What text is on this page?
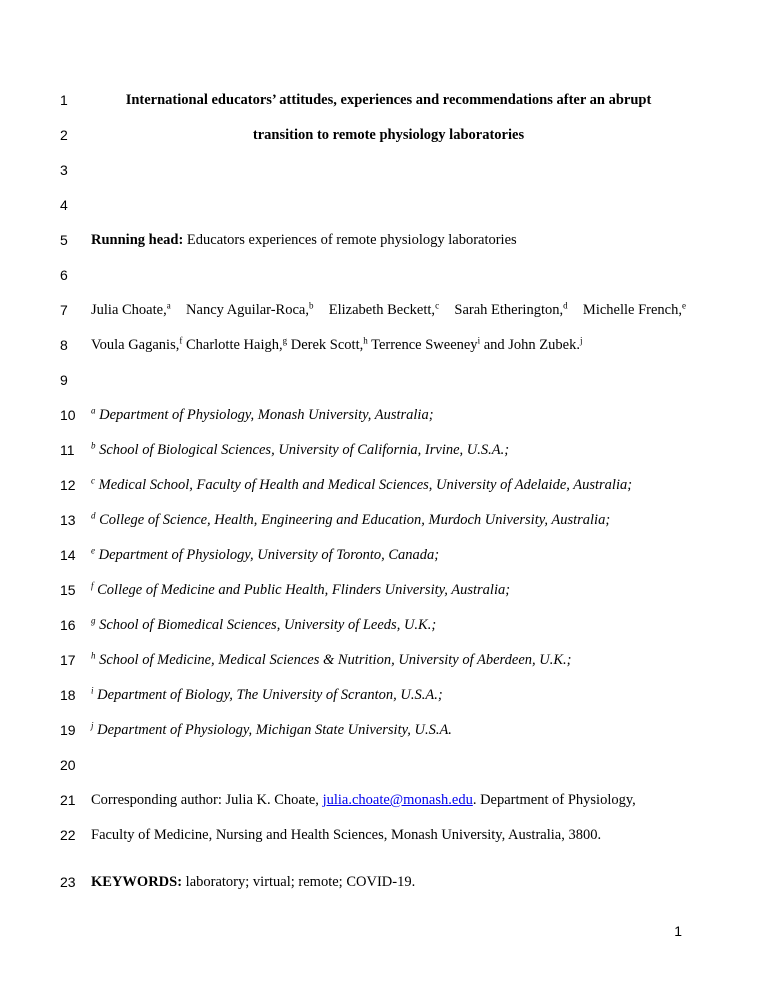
1
2
3
4
5
6
7
8
9
10
11
12
13
14
15
16
17
18
19
20
21
22
23
International educators’ attitudes, experiences and recommendations after an abrupt
transition to remote physiology laboratories
Running head: Educators experiences of remote physiology laboratories
Julia Choate,$^a$ Nancy Aguilar-Roca,$^b$ Elizabeth Beckett,$^c$ Sarah Etherington,$^d$ Michelle French,$^e$
Voula Gaganis,$^f$ Charlotte Haigh,$^g$ Derek Scott,$^h$ Terrence Sweeney$^i$ and John Zubek.$^j$
$^a$ Department of Physiology, Monash University, Australia;
$^b$ School of Biological Sciences, University of California, Irvine, U.S.A.;
$^c$ Medical School, Faculty of Health and Medical Sciences, University of Adelaide, Australia;
$^d$ College of Science, Health, Engineering and Education, Murdoch University, Australia;
$^e$ Department of Physiology, University of Toronto, Canada;
$^f$ College of Medicine and Public Health, Flinders University, Australia;
$^g$ School of Biomedical Sciences, University of Leeds, U.K.;
$^h$ School of Medicine, Medical Sciences & Nutrition, University of Aberdeen, U.K.;
$^i$ Department of Biology, The University of Scranton, U.S.A.;
$^j$ Department of Physiology, Michigan State University, U.S.A.
Corresponding author: Julia K. Choate, julia.choate@monash.edu. Department of Physiology,
Faculty of Medicine, Nursing and Health Sciences, Monash University, Australia, 3800.
KEYWORDS: laboratory; virtual; remote; COVID-19.
1
